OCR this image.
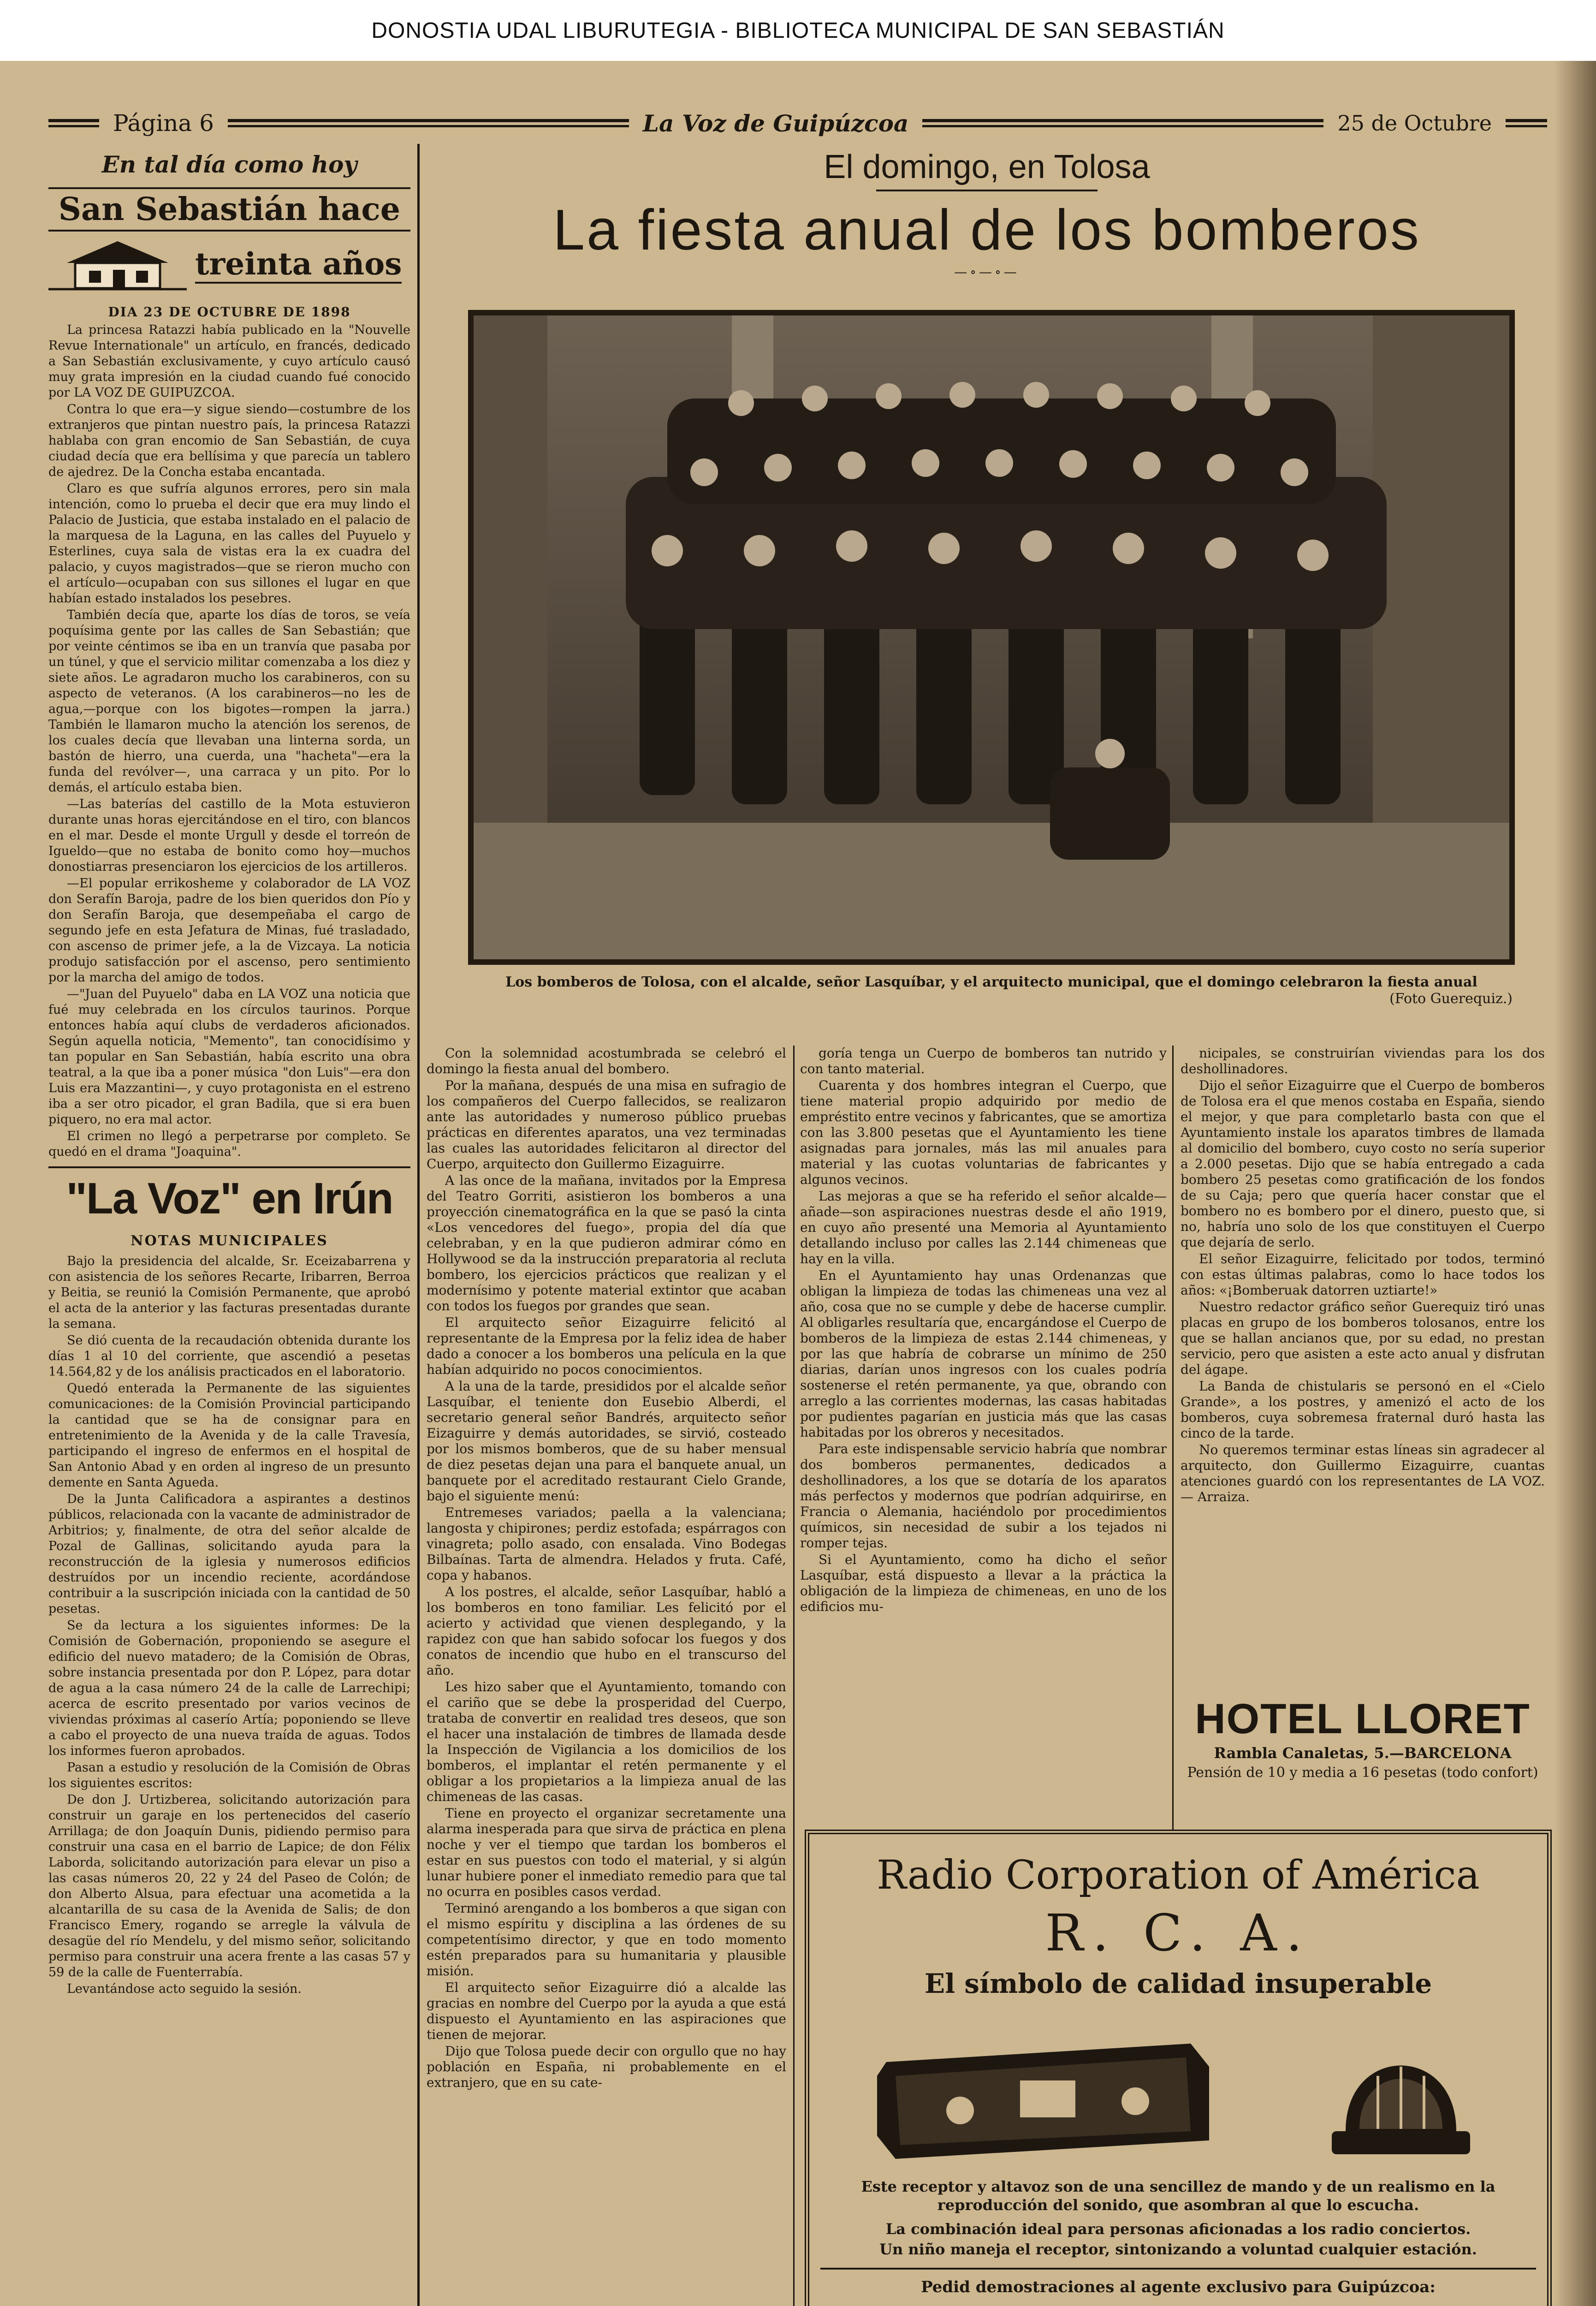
DONOSTIA UDAL LIBURUTEGIA - BIBLIOTECA MUNICIPAL DE SAN SEBASTIÁN
Página 6	La Voz de Guipúzcoa	25 de Octubre
En tal día como hoy
San Sebastián hace
treinta años
DIA 23 DE OCTUBRE DE 1898

La princesa Ratazzi había publicado en la "Nouvelle Revue Internationale" un artículo, en francés, dedicado a San Sebastián exclusivamente, y cuyo artículo causó muy grata impresión en la ciudad cuando fué conocido por LA VOZ DE GUIPUZCOA.

Contra lo que era—y sigue siendo—costumbre de los extranjeros que pintan nuestro país, la princesa Ratazzi hablaba con gran encomio de San Sebastián, de cuya ciudad decía que era bellísima y que parecía un tablero de ajedrez. De la Concha estaba encantada.

Claro es que sufría algunos errores, pero sin mala intención, como lo prueba el decir que era muy lindo el Palacio de Justicia, que estaba instalado en el palacio de la marquesa de la Laguna, en las calles del Puyuelo y Esterlines, cuya sala de vistas era la ex cuadra del palacio, y cuyos magistrados—que se rieron mucho con el artículo—ocupaban con sus sillones el lugar en que habían estado instalados los pesebres.

También decía que, aparte los días de toros, se veía poquísima gente por las calles de San Sebastián; que por veinte céntimos se iba en un tranvía que pasaba por un túnel, y que el servicio militar comenzaba a los diez y siete años. Le agradaron mucho los carabineros, con su aspecto de veteranos. (A los carabineros—no les de agua,—porque con los bigotes—rompen la jarra.) También le llamaron mucho la atención los serenos, de los cuales decía que llevaban una linterna sorda, un bastón de hierro, una cuerda, una "hacheta"—era la funda del revólver—, una carraca y un pito. Por lo demás, el artículo estaba bien.

—Las baterías del castillo de la Mota estuvieron durante unas horas ejercitándose en el tiro, con blancos en el mar. Desde el monte Urgull y desde el torreón de Igueldo—que no estaba de bonito como hoy—muchos donostiarras presenciaron los ejercicios de los artilleros.

—El popular errikosheme y colaborador de LA VOZ don Serafín Baroja, padre de los bien queridos don Pío y don Serafín Baroja, que desempeñaba el cargo de segundo jefe en esta Jefatura de Minas, fué trasladado, con ascenso de primer jefe, a la de Vizcaya. La noticia produjo satisfacción por el ascenso, pero sentimiento por la marcha del amigo de todos.

—"Juan del Puyuelo" daba en LA VOZ una noticia que fué muy celebrada en los círculos taurinos. Porque entonces había aquí clubs de verdaderos aficionados. Según aquella noticia, "Memento", tan conocidísimo y tan popular en San Sebastián, había escrito una obra teatral, a la que iba a poner música "don Luis"—era don Luis era Mazzantini—, y cuyo protagonista en el estreno iba a ser otro picador, el gran Badila, que si era buen piquero, no era mal actor.

El crimen no llegó a perpetrarse por completo. Se quedó en el drama "Joaquina".

"La Voz" en Irún
NOTAS MUNICIPALES

Bajo la presidencia del alcalde, Sr. Eceizabarrena y con asistencia de los señores Recarte, Iribarren, Berroa y Beitia, se reunió la Comisión Permanente, que aprobó el acta de la anterior y las facturas presentadas durante la semana.

Se dió cuenta de la recaudación obtenida durante los días 1 al 10 del corriente, que ascendió a pesetas 14.564,82 y de los análisis practicados en el laboratorio.

Quedó enterada la Permanente de las siguientes comunicaciones: de la Comisión Provincial participando la cantidad que se ha de consignar para en entretenimiento de la Avenida y de la calle Travesía, participando el ingreso de enfermos en el hospital de San Antonio Abad y en orden al ingreso de un presunto demente en Santa Agueda.

De la Junta Calificadora a aspirantes a destinos públicos, relacionada con la vacante de administrador de Arbitrios; y, finalmente, de otra del señor alcalde de Pozal de Gallinas, solicitando ayuda para la reconstrucción de la iglesia y numerosos edificios destruídos por un incendio reciente, acordándose contribuir a la suscripción iniciada con la cantidad de 50 pesetas.

Se da lectura a los siguientes informes: De la Comisión de Gobernación, proponiendo se asegure el edificio del nuevo matadero; de la Comisión de Obras, sobre instancia presentada por don P. López, para dotar de agua a la casa número 24 de la calle de Larrechipi; acerca de escrito presentado por varios vecinos de viviendas próximas al caserío Artía; poponiendo se lleve a cabo el proyecto de una nueva traída de aguas. Todos los informes fueron aprobados.

Pasan a estudio y resolución de la Comisión de Obras los siguientes escritos:

De don J. Urtizberea, solicitando autorización para construir un garaje en los pertenecidos del caserío Arrillaga; de don Joaquín Dunis, pidiendo permiso para construir una casa en el barrio de Lapice; de don Félix Laborda, solicitando autorización para elevar un piso a las casas números 20, 22 y 24 del Paseo de Colón; de don Alberto Alsua, para efectuar una acometida a la alcantarilla de su casa de la Avenida de Salis; de don Francisco Emery, rogando se arregle la válvula de desagüe del río Mendelu, y del mismo señor, solicitando permiso para construir una acera frente a las casas 57 y 59 de la calle de Fuenterrabía.

Levantándose acto seguido la sesión.

El domingo, en Tolosa
La fiesta anual de los bomberos
—∘—∘—
Los bomberos de Tolosa, con el alcalde, señor Lasquíbar, y el arquitecto municipal, que el domingo celebraron la fiesta anual
(Foto Guerequiz.)

Con la solemnidad acostumbrada se celebró el domingo la fiesta anual del bombero.

Por la mañana, después de una misa en sufragio de los compañeros del Cuerpo fallecidos, se realizaron ante las autoridades y numeroso público pruebas prácticas en diferentes aparatos, una vez terminadas las cuales las autoridades felicitaron al director del Cuerpo, arquitecto don Guillermo Eizaguirre.

A las once de la mañana, invitados por la Empresa del Teatro Gorriti, asistieron los bomberos a una proyección cinematográfica en la que se pasó la cinta «Los vencedores del fuego», propia del día que celebraban, y en la que pudieron admirar cómo en Hollywood se da la instrucción preparatoria al recluta bombero, los ejercicios prácticos que realizan y el modernísimo y potente material extintor que acaban con todos los fuegos por grandes que sean.

El arquitecto señor Eizaguirre felicitó al representante de la Empresa por la feliz idea de haber dado a conocer a los bomberos una película en la que habían adquirido no pocos conocimientos.

A la una de la tarde, presididos por el alcalde señor Lasquíbar, el teniente don Eusebio Alberdi, el secretario general señor Bandrés, arquitecto señor Eizaguirre y demás autoridades, se sirvió, costeado por los mismos bomberos, que de su haber mensual de diez pesetas dejan una para el banquete anual, un banquete por el acreditado restaurant Cielo Grande, bajo el siguiente menú:

Entremeses variados; paella a la valenciana; langosta y chipirones; perdiz estofada; espárragos con vinagreta; pollo asado, con ensalada. Vino Bodegas Bilbaínas. Tarta de almendra. Helados y fruta. Café, copa y habanos.

A los postres, el alcalde, señor Lasquíbar, habló a los bomberos en tono familiar. Les felicitó por el acierto y actividad que vienen desplegando, y la rapidez con que han sabido sofocar los fuegos y dos conatos de incendio que hubo en el transcurso del año.

Les hizo saber que el Ayuntamiento, tomando con el cariño que se debe la prosperidad del Cuerpo, trataba de convertir en realidad tres deseos, que son el hacer una instalación de timbres de llamada desde la Inspección de Vigilancia a los domicilios de los bomberos, el implantar el retén permanente y el obligar a los propietarios a la limpieza anual de las chimeneas de las casas.

Tiene en proyecto el organizar secretamente una alarma inesperada para que sirva de práctica en plena noche y ver el tiempo que tardan los bomberos el estar en sus puestos con todo el material, y si algún lunar hubiere poner el inmediato remedio para que tal no ocurra en posibles casos verdad.

Terminó arengando a los bomberos a que sigan con el mismo espíritu y disciplina a las órdenes de su competentísimo director, y que en todo momento estén preparados para su humanitaria y plausible misión.

El arquitecto señor Eizaguirre dió a alcalde las gracias en nombre del Cuerpo por la ayuda a que está dispuesto el Ayuntamiento en las aspiraciones que tienen de mejorar.

Dijo que Tolosa puede decir con orgullo que no hay población en España, ni probablemente en el extranjero, que en su cate-

goría tenga un Cuerpo de bomberos tan nutrido y con tanto material.

Cuarenta y dos hombres integran el Cuerpo, que tiene material propio adquirido por medio de empréstito entre vecinos y fabricantes, que se amortiza con las 3.800 pesetas que el Ayuntamiento les tiene asignadas para jornales, más las mil anuales para material y las cuotas voluntarias de fabricantes y algunos vecinos.

Las mejoras a que se ha referido el señor alcalde—añade—son aspiraciones nuestras desde el año 1919, en cuyo año presenté una Memoria al Ayuntamiento detallando incluso por calles las 2.144 chimeneas que hay en la villa.

En el Ayuntamiento hay unas Ordenanzas que obligan la limpieza de todas las chimeneas una vez al año, cosa que no se cumple y debe de hacerse cumplir. Al obligarles resultaría que, encargándose el Cuerpo de bomberos de la limpieza de estas 2.144 chimeneas, y por las que habría de cobrarse un mínimo de 250 diarias, darían unos ingresos con los cuales podría sostenerse el retén permanente, ya que, obrando con arreglo a las corrientes modernas, las casas habitadas por pudientes pagarían en justicia más que las casas habitadas por los obreros y necesitados.

Para este indispensable servicio habría que nombrar dos bomberos permanentes, dedicados a deshollinadores, a los que se dotaría de los aparatos más perfectos y modernos que podrían adquirirse, en Francia o Alemania, haciéndolo por procedimientos químicos, sin necesidad de subir a los tejados ni romper tejas.

Si el Ayuntamiento, como ha dicho el señor Lasquíbar, está dispuesto a llevar a la práctica la obligación de la limpieza de chimeneas, en uno de los edificios mu-

nicipales, se construirían viviendas para los dos deshollinadores.

Dijo el señor Eizaguirre que el Cuerpo de bomberos de Tolosa era el que menos costaba en España, siendo el mejor, y que para completarlo basta con que el Ayuntamiento instale los aparatos timbres de llamada al domicilio del bombero, cuyo costo no sería superior a 2.000 pesetas. Dijo que se había entregado a cada bombero 25 pesetas como gratificación de los fondos de su Caja; pero que quería hacer constar que el bombero no es bombero por el dinero, puesto que, si no, habría uno solo de los que constituyen el Cuerpo que dejaría de serlo.

El señor Eizaguirre, felicitado por todos, terminó con estas últimas palabras, como lo hace todos los años: «¡Bomberuak datorren uztiarte!»

Nuestro redactor gráfico señor Guerequiz tiró unas placas en grupo de los bomberos tolosanos, entre los que se hallan ancianos que, por su edad, no prestan servicio, pero que asisten a este acto anual y disfrutan del ágape.

La Banda de chistularis se personó en el «Cielo Grande», a los postres, y amenizó el acto de los bomberos, cuya sobremesa fraternal duró hasta las cinco de la tarde.

No queremos terminar estas líneas sin agradecer al arquitecto, don Guillermo Eizaguirre, cuantas atenciones guardó con los representantes de LA VOZ. — Arraiza.

HOTEL LLORET
Rambla Canaletas, 5.—BARCELONA
Pensión de 10 y media a 16 pesetas (todo confort)
Radio Corporation of América
R. C. A.
El símbolo de calidad insuperable
Este receptor y altavoz son de una sencillez de mando y de un realismo en la reproducción del sonido, que asombran al que lo escucha.
La combinación ideal para personas aficionadas a los radio conciertos.
Un niño maneja el receptor, sintonizando a voluntad cualquier estación.
Pedid demostraciones al agente exclusivo para Guipúzcoa:
